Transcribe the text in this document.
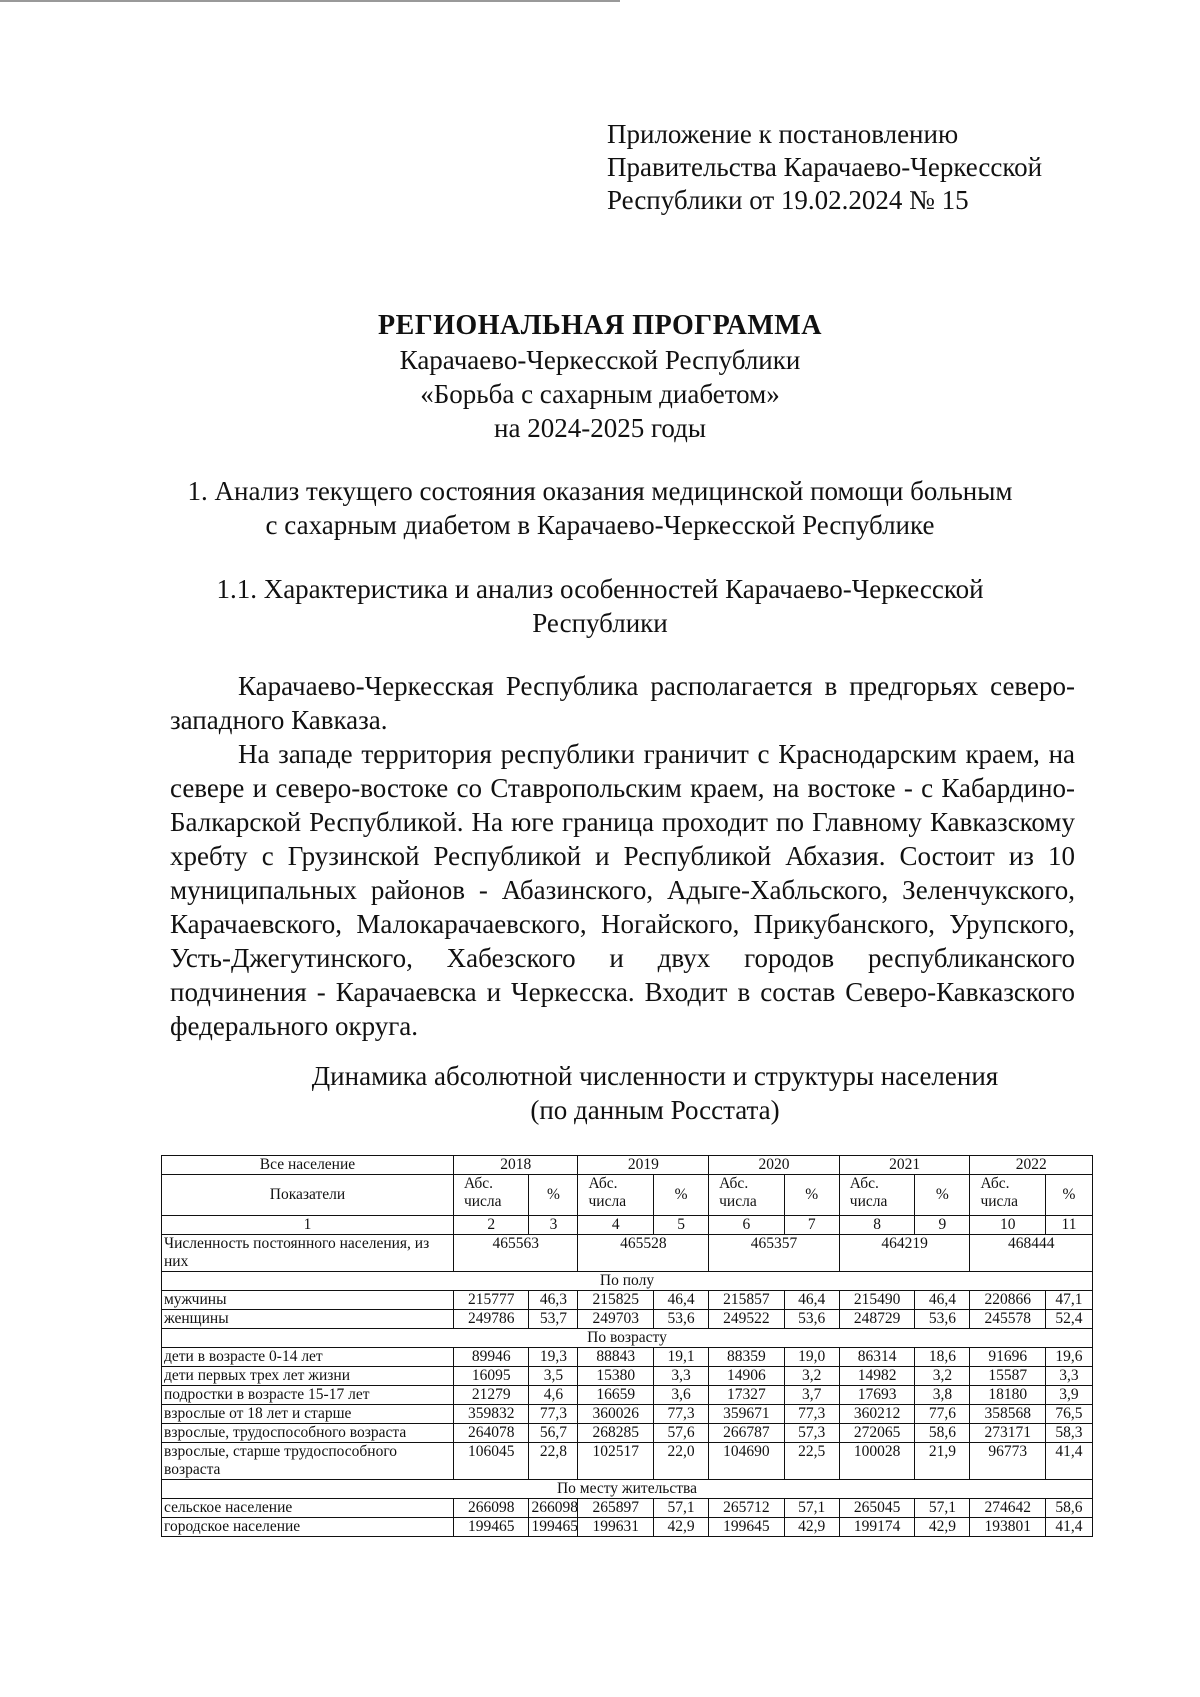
Приложение к постановлению
Правительства Карачаево-Черкесской
Республики от 19.02.2024 № 15
РЕГИОНАЛЬНАЯ ПРОГРАММА
Карачаево-Черкесской Республики
«Борьба с сахарным диабетом»
на 2024-2025 годы
1. Анализ текущего состояния оказания медицинской помощи больным
с сахарным диабетом в Карачаево-Черкесской Республике
1.1. Характеристика и анализ особенностей Карачаево-Черкесской
Республики

Карачаево-Черкесская Республика располагается в предгорьях северо-западного Кавказа.

На западе территория республики граничит с Краснодарским краем, на севере и северо-востоке со Ставропольским краем, на востоке - с Кабардино-Балкарской Республикой. На юге граница проходит по Главному Кавказскому хребту с Грузинской Республикой и Республикой Абхазия. Состоит из 10 муниципальных районов - Абазинского, Адыге-Хабльского, Зеленчукского, Карачаевского, Малокарачаевского, Ногайского, Прикубанского, Урупского, Усть-Джегутинского, Хабезского и двух городов республиканского подчинения - Карачаевска и Черкесска. Входит в состав Северо-Кавказского федерального округа.

Динамика абсолютной численности и структуры населения
(по данным Росстата)
Все население	2018		2019		2020		2021		2022	
Показатели	Абс. числа	%	Абс. числа	%	Абс. числа	%	Абс. числа	%	Абс. числа	%
1	2	3	4	5	6	7	8	9	10	11
Численность постоянного населения, из них	465563		465528		465357		464219		468444	
По полу										
мужчины	215777	46,3	215825	46,4	215857	46,4	215490	46,4	220866	47,1
женщины	249786	53,7	249703	53,6	249522	53,6	248729	53,6	245578	52,4
По возрасту										
дети в возрасте 0-14 лет	89946	19,3	88843	19,1	88359	19,0	86314	18,6	91696	19,6
дети первых трех лет жизни	16095	3,5	15380	3,3	14906	3,2	14982	3,2	15587	3,3
подростки в возрасте 15-17 лет	21279	4,6	16659	3,6	17327	3,7	17693	3,8	18180	3,9
взрослые от 18 лет и старше	359832	77,3	360026	77,3	359671	77,3	360212	77,6	358568	76,5
взрослые, трудоспособного возраста	264078	56,7	268285	57,6	266787	57,3	272065	58,6	273171	58,3
взрослые, старше трудоспособного возраста	106045	22,8	102517	22,0	104690	22,5	100028	21,9	96773	41,4
По месту жительства										
сельское население	266098	266098	265897	57,1	265712	57,1	265045	57,1	274642	58,6
городское население	199465	199465	199631	42,9	199645	42,9	199174	42,9	193801	41,4
